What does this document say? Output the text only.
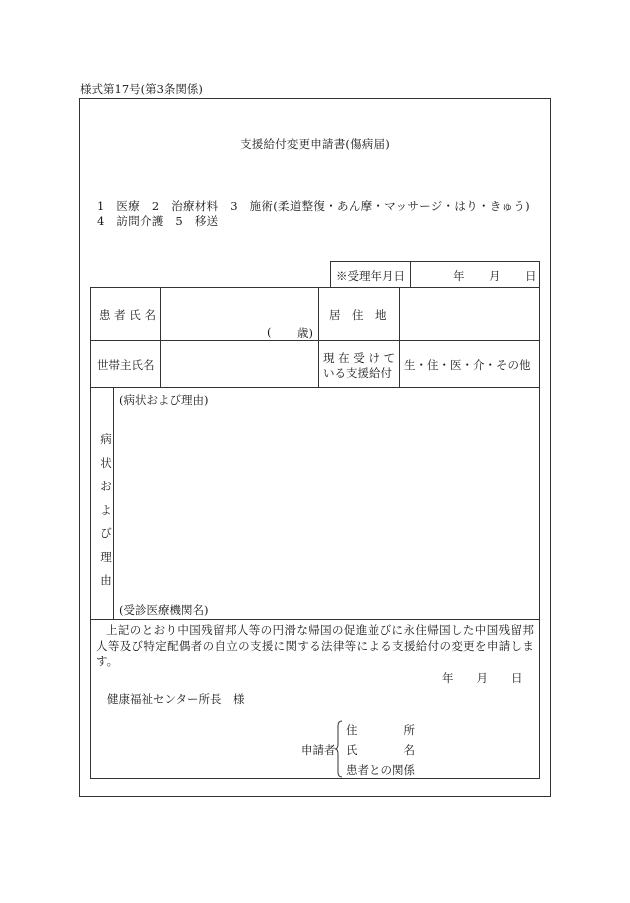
様式第17号(第3条関係)
支援給付変更申請書(傷病届)
1　医療　2　治療材料　3　施術(柔道整復・あん摩・マッサージ・はり・きゅう)
4　訪問介護　5　移送
※受理年月日	年　　月　　日
患 者 氏 名
( 歳)
居　住　地
世帯主氏名	現 在 受 け て
いる支援給付
生・住・医・介・その他
病
状
お
よ
び
理
由
(病状および理由)
(受診医療機関名)
上記のとおり中国残留邦人等の円滑な帰国の促進並びに永住帰国した中国残留邦人等及び特定配偶者の自立の支援に関する法律等による支援給付の変更を申請します。
年　　月　　日
健康福祉センター所長　様
申請者
住　　　　所
氏　　　　名
患者との関係
